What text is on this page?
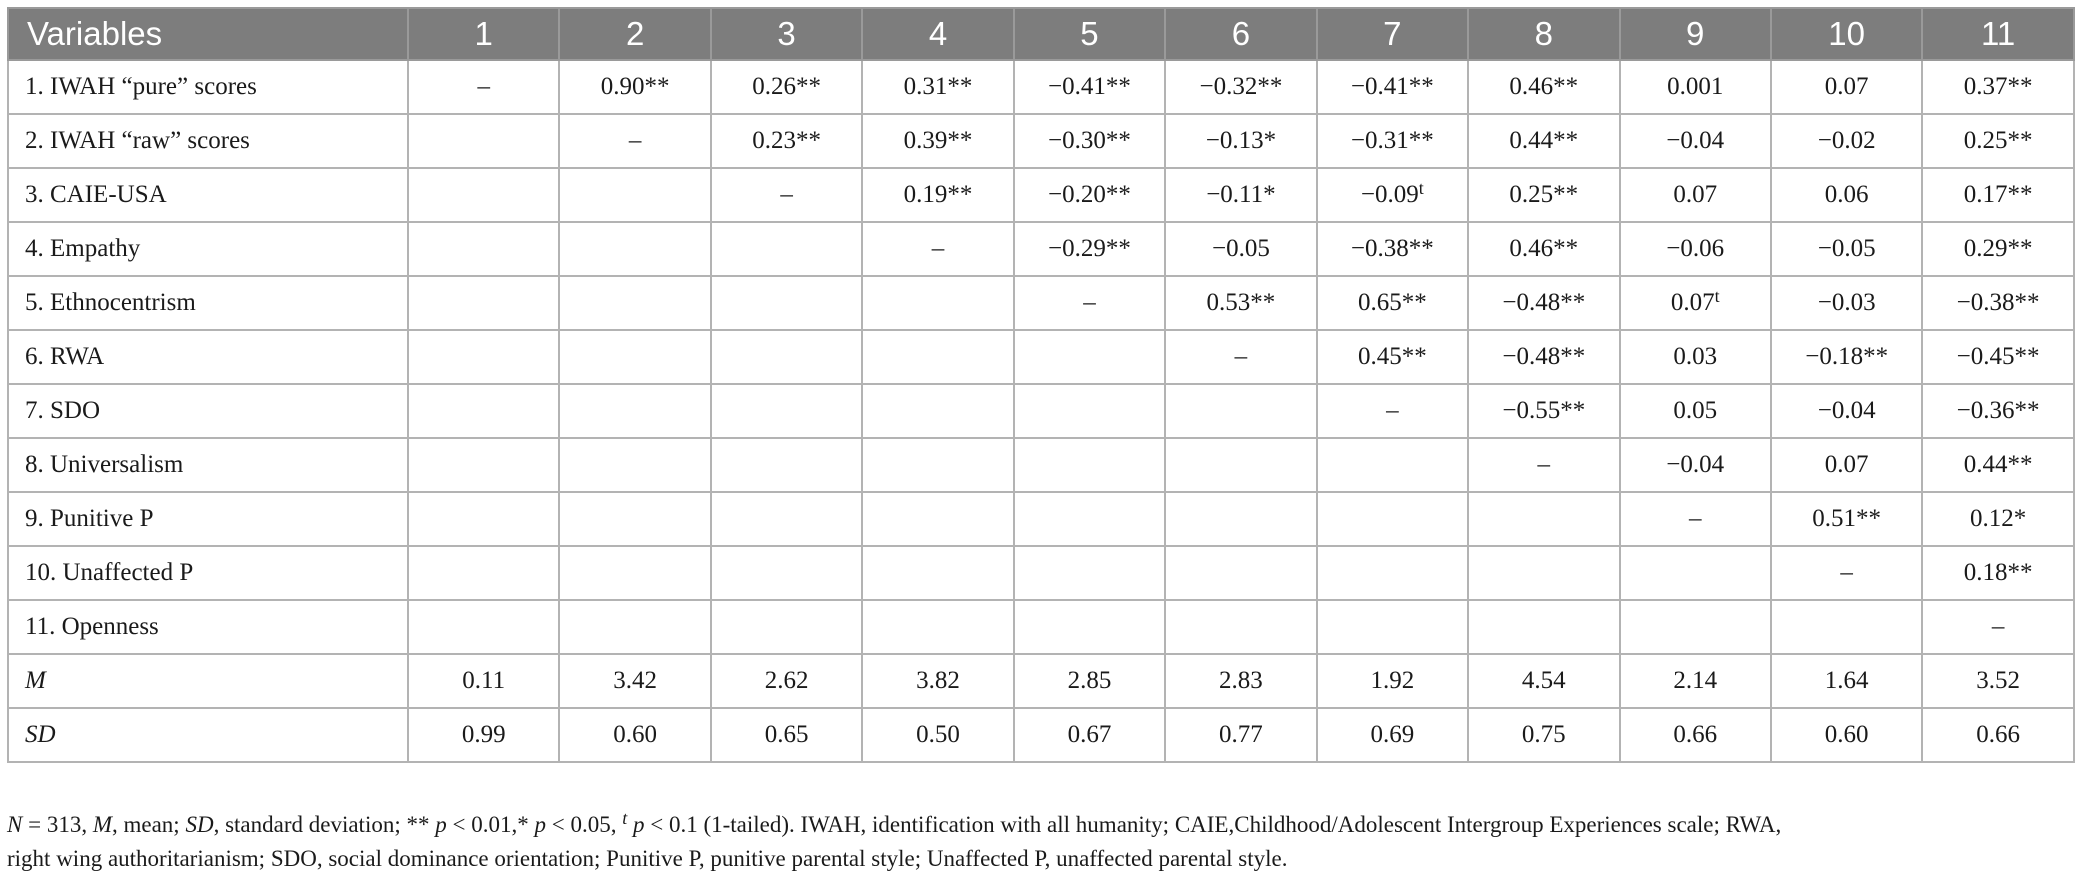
Variables	1	2	3	4	5	6	7	8	9	10	11
1. IWAH “pure” scores	–	0.90**	0.26**	0.31**	−0.41**	−0.32**	−0.41**	0.46**	0.001	0.07	0.37**
2. IWAH “raw” scores		–	0.23**	0.39**	−0.30**	−0.13*	−0.31**	0.44**	−0.04	−0.02	0.25**
3. CAIE-USA			–	0.19**	−0.20**	−0.11*	$-0.09^t$	0.25**	0.07	0.06	0.17**
4. Empathy				–	−0.29**	−0.05	−0.38**	0.46**	−0.06	−0.05	0.29**
5. Ethnocentrism					–	0.53**	0.65**	−0.48**	$0.07^t$	−0.03	−0.38**
6. RWA						–	0.45**	−0.48**	0.03	−0.18**	−0.45**
7. SDO							–	−0.55**	0.05	−0.04	−0.36**
8. Universalism								–	−0.04	0.07	0.44**
9. Punitive P									–	0.51**	0.12*
10. Unaffected P										–	0.18**
11. Openness											–
M	0.11	3.42	2.62	3.82	2.85	2.83	1.92	4.54	2.14	1.64	3.52
SD	0.99	0.60	0.65	0.50	0.67	0.77	0.69	0.75	0.66	0.60	0.66
N = 313, M, mean; SD, standard deviation; ** p < 0.01,* p < 0.05, $^t$ p < 0.1 (1-tailed). IWAH, identification with all humanity; CAIE,Childhood/Adolescent Intergroup Experiences scale; RWA,
right wing authoritarianism; SDO, social dominance orientation; Punitive P, punitive parental style; Unaffected P, unaffected parental style.
